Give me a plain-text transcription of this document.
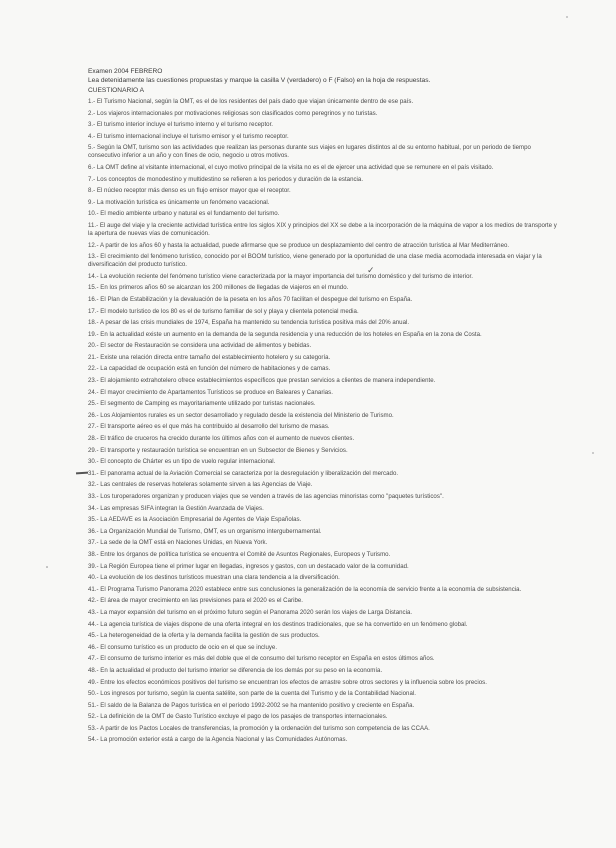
Examen 2004 FEBRERO
Lea detenidamente las cuestiones propuestas y marque la casilla V (verdadero) o F (Falso) en la hoja de respuestas.
CUESTIONARIO A
1.- El Turismo Nacional, según la OMT, es el de los residentes del país dado que viajan únicamente dentro de ese país.
2.- Los viajeros internacionales por motivaciones religiosas son clasificados como peregrinos y no turistas.
3.- El turismo interior incluye el turismo interno y el turismo receptor.
4.- El turismo internacional incluye el turismo emisor y el turismo receptor.
5.- Según la OMT, turismo son las actividades que realizan las personas durante sus viajes en lugares distintos al de su entorno habitual, por un periodo de tiempo consecutivo inferior a un año y con fines de ocio, negocio u otros motivos.
6.- La OMT define al visitante internacional, el cuyo motivo principal de la visita no es el de ejercer una actividad que se remunere en el país visitado.
7.- Los conceptos de monodestino y multidestino se refieren a los periodos y duración de la estancia.
8.- El núcleo receptor más denso es un flujo emisor mayor que el receptor.
9.- La motivación turística es únicamente un fenómeno vacacional.
10.- El medio ambiente urbano y natural es el fundamento del turismo.
11.- El auge del viaje y la creciente actividad turística entre los siglos XIX y principios del XX se debe a la incorporación de la máquina de vapor a los medios de transporte y la apertura de nuevas vías de comunicación.
12.- A partir de los años 60 y hasta la actualidad, puede afirmarse que se produce un desplazamiento del centro de atracción turística al Mar Mediterráneo.
13.- El crecimiento del fenómeno turístico, conocido por el BOOM turístico, viene generado por la oportunidad de una clase media acomodada interesada en viajar y la diversificación del producto turístico.
14.- La evolución reciente del fenómeno turístico viene caracterizada por la mayor importancia del turismo doméstico y del turismo de interior.
15.- En los primeros años 60 se alcanzan los 200 millones de llegadas de viajeros en el mundo.
16.- El Plan de Estabilización y la devaluación de la peseta en los años 70 facilitan el despegue del turismo en España.
17.- El modelo turístico de los 80 es el de turismo familiar de sol y playa y clientela potencial media.
18.- A pesar de las crisis mundiales de 1974, España ha mantenido su tendencia turística positiva más del 20% anual.
19.- En la actualidad existe un aumento en la demanda de la segunda residencia y una reducción de los hoteles en España en la zona de Costa.
20.- El sector de Restauración se considera una actividad de alimentos y bebidas.
21.- Existe una relación directa entre tamaño del establecimiento hotelero y su categoría.
22.- La capacidad de ocupación está en función del número de habitaciones y de camas.
23.- El alojamiento extrahotelero ofrece establecimientos específicos que prestan servicios a clientes de manera independiente.
24.- El mayor crecimiento de Apartamentos Turísticos se produce en Baleares y Canarias.
25.- El segmento de Camping es mayoritariamente utilizado por turistas nacionales.
26.- Los Alojamientos rurales es un sector desarrollado y regulado desde la existencia del Ministerio de Turismo.
27.- El transporte aéreo es el que más ha contribuido al desarrollo del turismo de masas.
28.- El tráfico de cruceros ha crecido durante los últimos años con el aumento de nuevos clientes.
29.- El transporte y restauración turística se encuentran en un Subsector de Bienes y Servicios.
30.- El concepto de Chárter es un tipo de vuelo regular internacional.
31.- El panorama actual de la Aviación Comercial se caracteriza por la desregulación y liberalización del mercado.
32.- Las centrales de reservas hoteleras solamente sirven a las Agencias de Viaje.
33.- Los turoperadores organizan y producen viajes que se venden a través de las agencias minoristas como "paquetes turísticos".
34.- Las empresas SIFA integran la Gestión Avanzada de Viajes.
35.- La AEDAVE es la Asociación Empresarial de Agentes de Viaje Españolas.
36.- La Organización Mundial de Turismo, OMT, es un organismo intergubernamental.
37.- La sede de la OMT está en Naciones Unidas, en Nueva York.
38.- Entre los órganos de política turística se encuentra el Comité de Asuntos Regionales, Europeos y Turismo.
39.- La Región Europea tiene el primer lugar en llegadas, ingresos y gastos, con un destacado valor de la comunidad.
40.- La evolución de los destinos turísticos muestran una clara tendencia a la diversificación.
41.- El Programa Turismo Panorama 2020 establece entre sus conclusiones la generalización de la economía de servicio frente a la economía de subsistencia.
42.- El área de mayor crecimiento en las previsiones para el 2020 es el Caribe.
43.- La mayor expansión del turismo en el próximo futuro según el Panorama 2020 serán los viajes de Larga Distancia.
44.- La agencia turística de viajes dispone de una oferta integral en los destinos tradicionales, que se ha convertido en un fenómeno global.
45.- La heterogeneidad de la oferta y la demanda facilita la gestión de sus productos.
46.- El consumo turístico es un producto de ocio en el que se incluye.
47.- El consumo de turismo interior es más del doble que el de consumo del turismo receptor en España en estos últimos años.
48.- En la actualidad el producto del turismo interior se diferencia de los demás por su peso en la economía.
49.- Entre los efectos económicos positivos del turismo se encuentran los efectos de arrastre sobre otros sectores y la influencia sobre los precios.
50.- Los ingresos por turismo, según la cuenta satélite, son parte de la cuenta del Turismo y de la Contabilidad Nacional.
51.- El saldo de la Balanza de Pagos turística en el período 1992-2002 se ha mantenido positivo y creciente en España.
52.- La definición de la OMT de Gasto Turístico excluye el pago de los pasajes de transportes internacionales.
53.- A partir de los Pactos Locales de transferencias, la promoción y la ordenación del turismo son competencia de las CCAA.
54.- La promoción exterior está a cargo de la Agencia Nacional y las Comunidades Autónomas.
✓
